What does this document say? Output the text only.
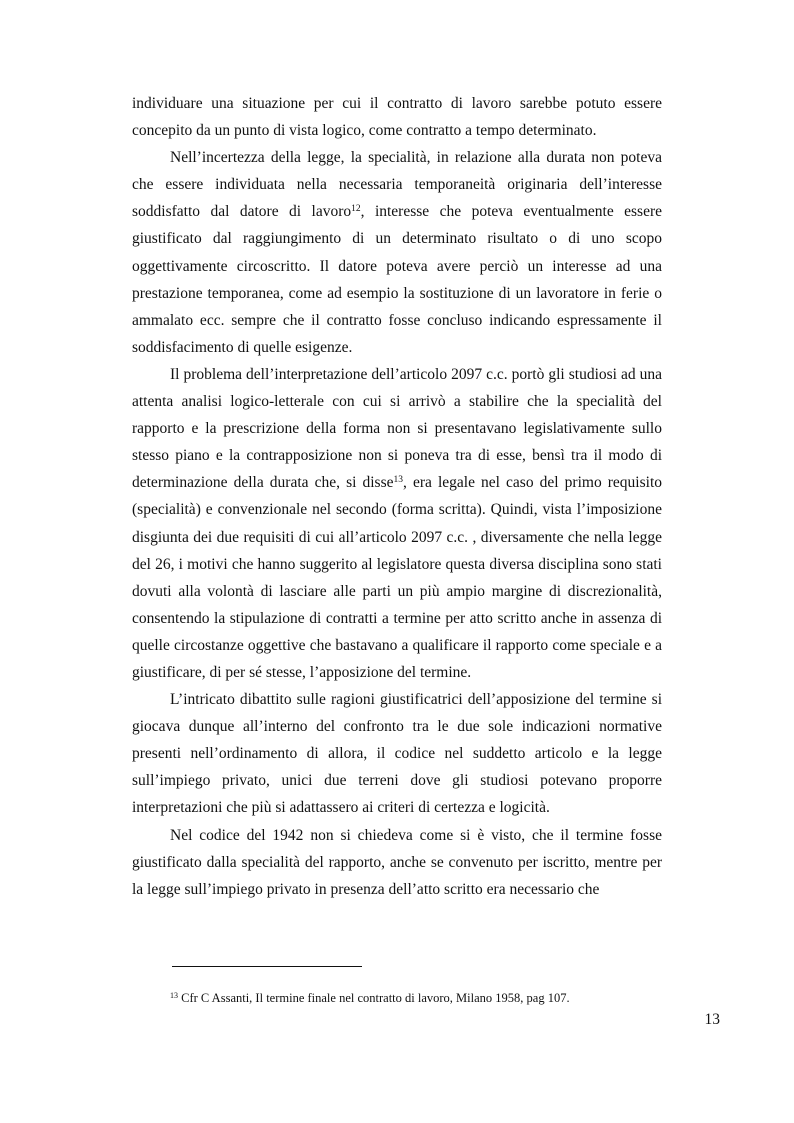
individuare una situazione per cui il contratto di lavoro sarebbe potuto essere concepito da un punto di vista logico, come contratto a tempo determinato.

Nell’incertezza della legge, la specialità, in relazione alla durata non poteva che essere individuata nella necessaria temporaneità originaria dell’interesse soddisfatto dal datore di lavoro$^{12}$, interesse che poteva eventualmente essere giustificato dal raggiungimento di un determinato risultato o di uno scopo oggettivamente circoscritto. Il datore poteva avere perciò un interesse ad una prestazione temporanea, come ad esempio la sostituzione di un lavoratore in ferie o ammalato ecc. sempre che il contratto fosse concluso indicando espressamente il soddisfacimento di quelle esigenze.

Il problema dell’interpretazione dell’articolo 2097 c.c. portò gli studiosi ad una attenta analisi logico-letterale con cui si arrivò a stabilire che la specialità del rapporto e la prescrizione della forma non si presentavano legislativamente sullo stesso piano e la contrapposizione non si poneva tra di esse, bensì tra il modo di determinazione della durata che, si disse$^{13}$, era legale nel caso del primo requisito (specialità) e convenzionale nel secondo (forma scritta). Quindi, vista l’imposizione disgiunta dei due requisiti di cui all’articolo 2097 c.c. , diversamente che nella legge del 26, i motivi che hanno suggerito al legislatore questa diversa disciplina sono stati dovuti alla volontà di lasciare alle parti un più ampio margine di discrezionalità, consentendo la stipulazione di contratti a termine per atto scritto anche in assenza di quelle circostanze oggettive che bastavano a qualificare il rapporto come speciale e a giustificare, di per sé stesse, l’apposizione del termine.

L’intricato dibattito sulle ragioni giustificatrici dell’apposizione del termine si giocava dunque all’interno del confronto tra le due sole indicazioni normative presenti nell’ordinamento di allora, il codice nel suddetto articolo e la legge sull’impiego privato, unici due terreni dove gli studiosi potevano proporre interpretazioni che più si adattassero ai criteri di certezza e logicità.

Nel codice del 1942 non si chiedeva come si è visto, che il termine fosse giustificato dalla specialità del rapporto, anche se convenuto per iscritto, mentre per la legge sull’impiego privato in presenza dell’atto scritto era necessario che

$^{13}$ Cfr C Assanti, Il termine finale nel contratto di lavoro, Milano 1958, pag 107.

13
